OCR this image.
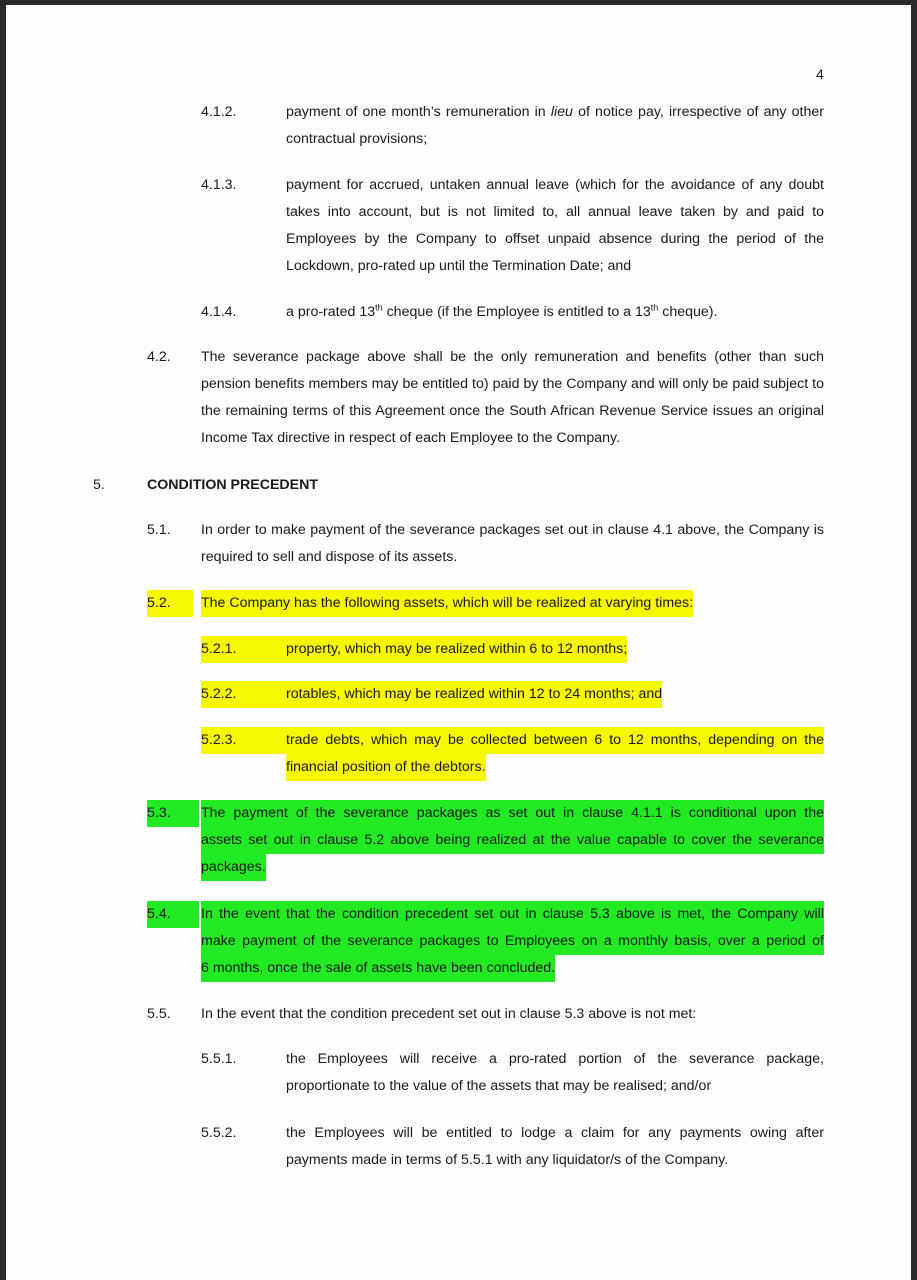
4
4.1.2.	payment of one month’s remuneration in lieu of notice pay, irrespective of any other contractual provisions;
4.1.3.	payment for accrued, untaken annual leave (which for the avoidance of any doubt takes into account, but is not limited to, all annual leave taken by and paid to Employees by the Company to offset unpaid absence during the period of the Lockdown, pro-rated up until the Termination Date; and
4.1.4.	a pro-rated 13th cheque (if the Employee is entitled to a 13th cheque).
4.2. The severance package above shall be the only remuneration and benefits (other than such pension benefits members may be entitled to) paid by the Company and will only be paid subject to the remaining terms of this Agreement once the South African Revenue Service issues an original Income Tax directive in respect of each Employee to the Company.
5.	CONDITION PRECEDENT
5.1. In order to make payment of the severance packages set out in clause 4.1 above, the Company is required to sell and dispose of its assets.
5.2.	The Company has the following assets, which will be realized at varying times:
5.2.1.	property, which may be realized within 6 to 12 months;
5.2.2.	rotables, which may be realized within 12 to 24 months; and
5.2.3.	trade debts, which may be collected between 6 to 12 months, depending on the
financial position of the debtors.
5.3.	The payment of the severance packages as set out in clause 4.1.1 is conditional upon the
assets set out in clause 5.2 above being realized at the value capable to cover the severance
packages.
5.4.	In the event that the condition precedent set out in clause 5.3 above is met, the Company will
make payment of the severance packages to Employees on a monthly basis, over a period of
6 months, once the sale of assets have been concluded.
5.5. In the event that the condition precedent set out in clause 5.3 above is not met:
5.5.1.	the Employees will receive a pro-rated portion of the severance package, proportionate to the value of the assets that may be realised; and/or
5.5.2.	the Employees will be entitled to lodge a claim for any payments owing after payments made in terms of 5.5.1 with any liquidator/s of the Company.
